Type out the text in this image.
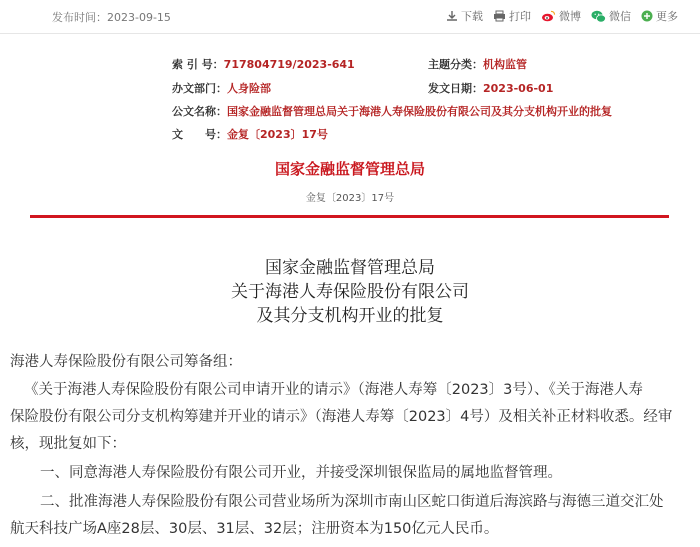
发布时间：2023-09-15	下载 打印	微博	微信 更多
索 引 号：717804719/2023-641	主题分类：机构监管
办文部门：人身险部	发文日期：2023-06-01
公文名称：国家金融监督管理总局关于海港人寿保险股份有限公司及其分支机构开业的批复
文　　号：金复〔2023〕17号
国家金融监督管理总局
金复〔2023〕17号
国家金融监督管理总局
关于海港人寿保险股份有限公司
及其分支机构开业的批复
海港人寿保险股份有限公司筹备组：
《关于海港人寿保险股份有限公司申请开业的请示》（海港人寿筹〔2023〕3号）、《关于海港人寿
保险股份有限公司分支机构筹建并开业的请示》（海港人寿筹〔2023〕4号）及相关补正材料收悉。经审
核，现批复如下：
一、同意海港人寿保险股份有限公司开业，并接受深圳银保监局的属地监督管理。
二、批准海港人寿保险股份有限公司营业场所为深圳市南山区蛇口街道后海滨路与海德三道交汇处
航天科技广场A座28层、30层、31层、32层；注册资本为150亿元人民币。
